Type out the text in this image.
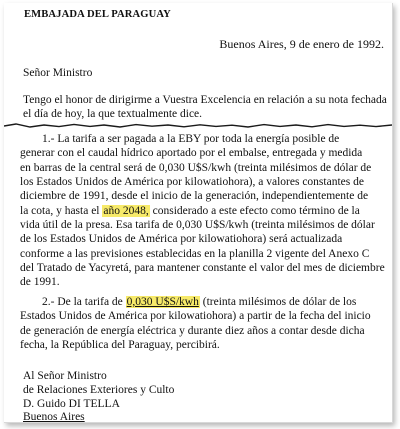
EMBAJADA DEL PARAGUAY
Buenos Aires, 9 de enero de 1992.
Señor Ministro
Tengo el honor de dirigirme a Vuestra Excelencia en relación a su nota fechada
el día de hoy, la que textualmente dice.
1.- La tarifa a ser pagada a la EBY por toda la energía posible de
generar con el caudal hídrico aportado por el embalse, entregada y medida
en barras de la central será de 0,030 U$S/kwh (treinta milésimos de dólar de
los Estados Unidos de América por kilowatiohora), a valores constantes de
diciembre de 1991, desde el inicio de la generación, independientemente de
la cota, y hasta el año 2048, considerado a este efecto como término de la
vida útil de la presa. Esa tarifa de 0,030 U$S/kwh (treinta milésimos de dólar
de los Estados Unidos de América por kilowatiohora) será actualizada
conforme a las previsiones establecidas en la planilla 2 vigente del Anexo C
del Tratado de Yacyretá, para mantener constante el valor del mes de diciembre
de 1991.
2.- De la tarifa de 0,030 U$S/kwh (treinta milésimos de dólar de los
Estados Unidos de América por kilowatiohora) a partir de la fecha del inicio
de generación de energía eléctrica y durante diez años a contar desde dicha
fecha, la República del Paraguay, percibirá.
Al Señor Ministro
de Relaciones Exteriores y Culto
D. Guido DI TELLA
Buenos Aires
